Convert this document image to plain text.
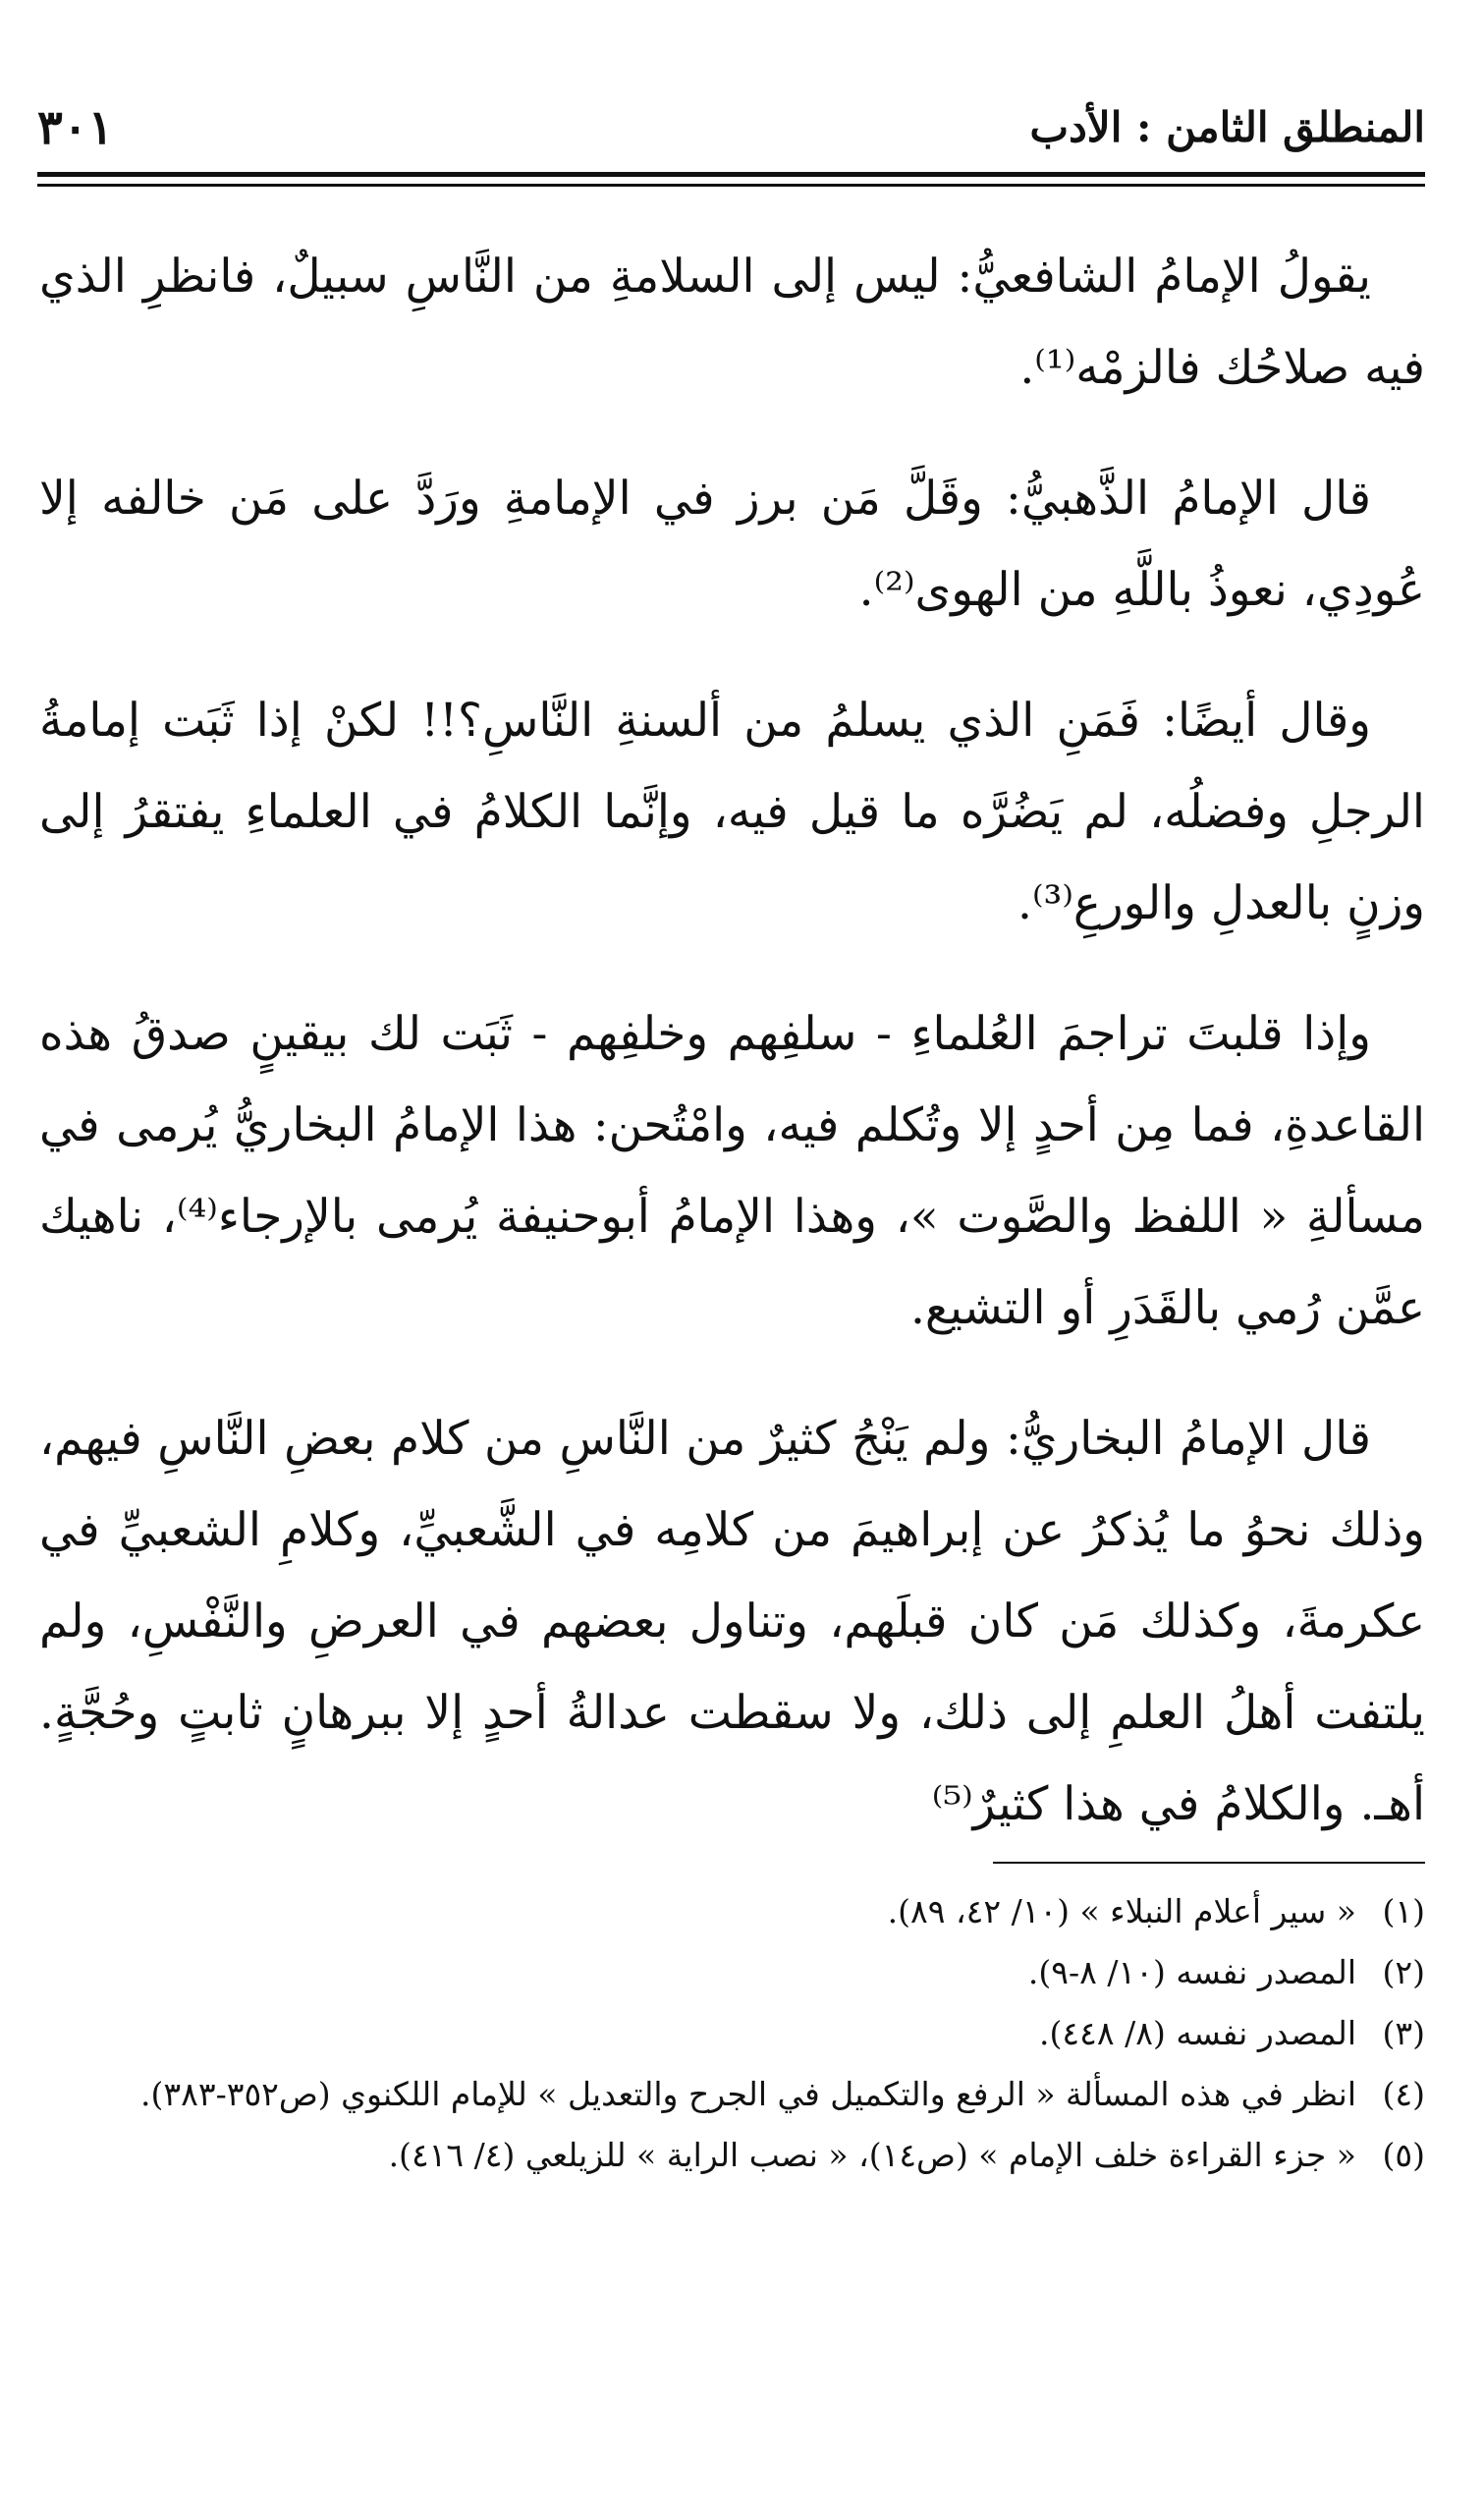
المنطلق الثامن : الأدب
٣٠١

يقولُ الإمامُ الشافعيُّ: ليس إلى السلامةِ من النَّاسِ سبيلٌ، فانظرِ الذي فيه صلاحُك فالزمْه⁽¹⁾.

قال الإمامُ الذَّهبيُّ: وقَلَّ مَن برز في الإمامةِ ورَدَّ على مَن خالفه إلا عُودِي، نعوذُ باللَّهِ من الهوى⁽²⁾.

وقال أيضًا: فَمَنِ الذي يسلمُ من ألسنةِ النَّاسِ؟!! لكنْ إذا ثَبَت إمامةُ الرجلِ وفضلُه، لم يَضُرَّه ما قيل فيه، وإنَّما الكلامُ في العلماءِ يفتقرُ إلى وزنٍ بالعدلِ والورعِ⁽³⁾.

وإذا قلبتَ تراجمَ العُلماءِ - سلفِهم وخلفِهم - ثَبَت لك بيقينٍ صدقُ هذه القاعدةِ، فما مِن أحدٍ إلا وتُكلم فيه، وامْتُحن: هذا الإمامُ البخاريُّ يُرمى في مسألةِ « اللفظ والصَّوت »، وهذا الإمامُ أبوحنيفة يُرمى بالإرجاء⁽⁴⁾، ناهيك عمَّن رُمي بالقَدَرِ أو التشيع.

قال الإمامُ البخاريُّ: ولم يَنْجُ كثيرٌ من النَّاسِ من كلام بعضِ النَّاسِ فيهم، وذلك نحوُ ما يُذكرُ عن إبراهيمَ من كلامِه في الشَّعبيِّ، وكلامِ الشعبيِّ في عكرمةَ، وكذلك مَن كان قبلَهم، وتناول بعضهم في العرضِ والنَّفْسِ، ولم يلتفت أهلُ العلمِ إلى ذلك، ولا سقطت عدالةُ أحدٍ إلا ببرهانٍ ثابتٍ وحُجَّةٍ. أهـ. والكلامُ في هذا كثيرٌ⁽⁵⁾

(١)
« سير أعلام النبلاء » (١٠/ ٤٢، ٨٩).

(٢)
المصدر نفسه (١٠/ ٨-٩).

(٣)
المصدر نفسه (٨/ ٤٤٨).

(٤)
انظر في هذه المسألة « الرفع والتكميل في الجرح والتعديل » للإمام اللكنوي (ص٣٥٢-٣٨٣).

(٥)
« جزء القراءة خلف الإمام » (ص١٤)، « نصب الراية » للزيلعي (٤/ ٤١٦).
